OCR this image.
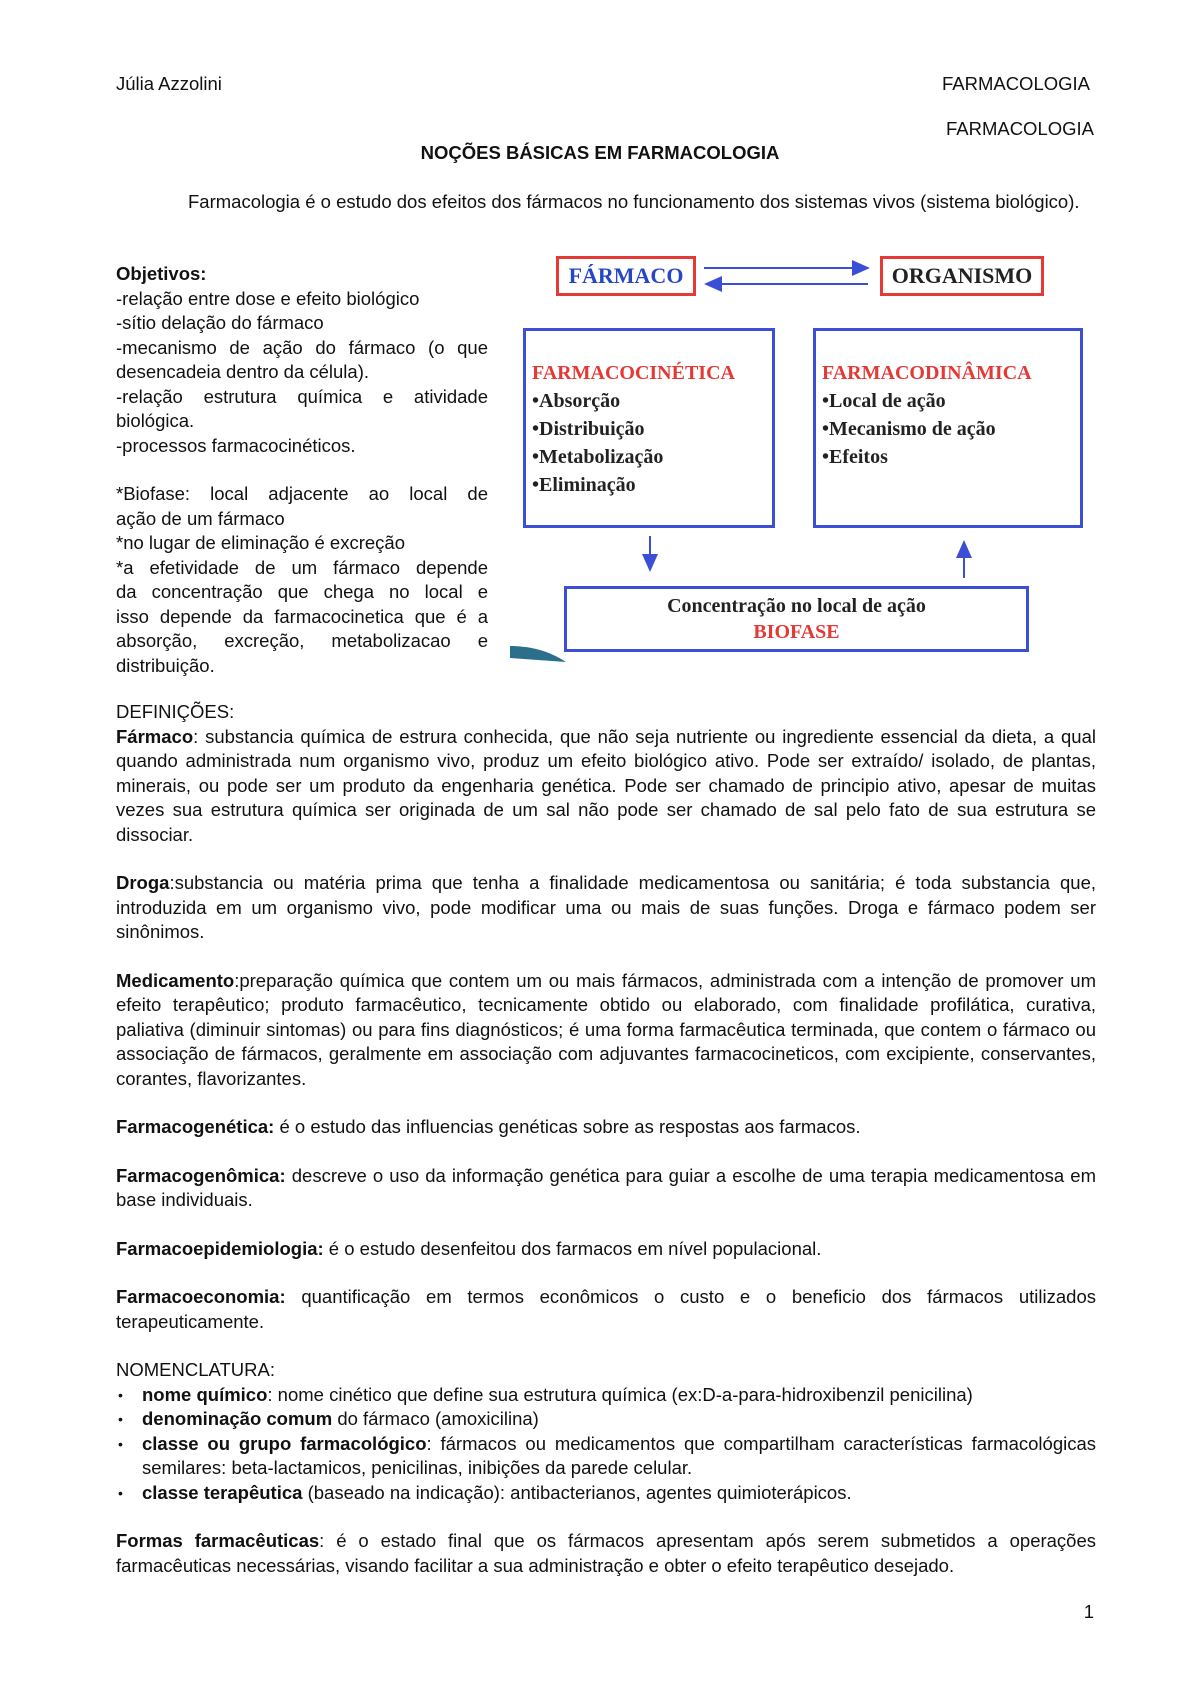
Júlia Azzolini	FARMACOLOGIA
FARMACOLOGIA
NOÇÕES BÁSICAS EM FARMACOLOGIA
Farmacologia é o estudo dos efeitos dos fármacos no funcionamento dos sistemas vivos (sistema biológico).
Objetivos:
-relação entre dose e efeito biológico
-sítio delação do fármaco
-mecanismo de ação do fármaco (o que
desencadeia dentro da célula).
-relação estrutura química e atividade
biológica.
-processos farmacocinéticos.
*Biofase: local adjacente ao local de
ação de um fármaco
*no lugar de eliminação é excreção
*a efetividade de um fármaco depende
da concentração que chega no local e
isso depende da farmacocinetica que é a
absorção, excreção, metabolizacao e
distribuição.
FÁRMACO	ORGANISMO
FARMACOCINÉTICA
•Absorção
•Distribuição
•Metabolização
•Eliminação
FARMACODINÂMICA
•Local de ação
•Mecanismo de ação
•Efeitos
Concentração no local de ação
BIOFASE
DEFINIÇÕES:

Fármaco: substancia química de estrura conhecida, que não seja nutriente ou ingrediente essencial da dieta, a qual quando administrada num organismo vivo, produz um efeito biológico ativo. Pode ser extraído/ isolado, de plantas, minerais, ou pode ser um produto da engenharia genética. Pode ser chamado de principio ativo, apesar de muitas vezes sua estrutura química ser originada de um sal não pode ser chamado de sal pelo fato de sua estrutura se dissociar.

Droga:substancia ou matéria prima que tenha a finalidade medicamentosa ou sanitária; é toda substancia que, introduzida em um organismo vivo, pode modificar uma ou mais de suas funções. Droga e fármaco podem ser sinônimos.

Medicamento:preparação química que contem um ou mais fármacos, administrada com a intenção de promover um efeito terapêutico; produto farmacêutico, tecnicamente obtido ou elaborado, com finalidade profilática, curativa, paliativa (diminuir sintomas) ou para fins diagnósticos; é uma forma farmacêutica terminada, que contem o fármaco ou associação de fármacos, geralmente em associação com adjuvantes farmacocineticos, com excipiente, conservantes, corantes, flavorizantes.

Farmacogenética: é o estudo das influencias genéticas sobre as respostas aos farmacos.

Farmacogenômica: descreve o uso da informação genética para guiar a escolhe de uma terapia medicamentosa em base individuais.

Farmacoepidemiologia: é o estudo desenfeitou dos farmacos em nível populacional.

Farmacoeconomia: quantificação em termos econômicos o custo e o beneficio dos fármacos utilizados terapeuticamente.

NOMENCLATURA:
• nome químico: nome cinético que define sua estrutura química (ex:D-a-para-hidroxibenzil penicilina)
• denominação comum do fármaco (amoxicilina)
• classe ou grupo farmacológico: fármacos ou medicamentos que compartilham características farmacológicas semilares: beta-lactamicos, penicilinas, inibições da parede celular.
• classe terapêutica (baseado na indicação): antibacterianos, agentes quimioterápicos.

Formas farmacêuticas: é o estado final que os fármacos apresentam após serem submetidos a operações farmacêuticas necessárias, visando facilitar a sua administração e obter o efeito terapêutico desejado.

1
